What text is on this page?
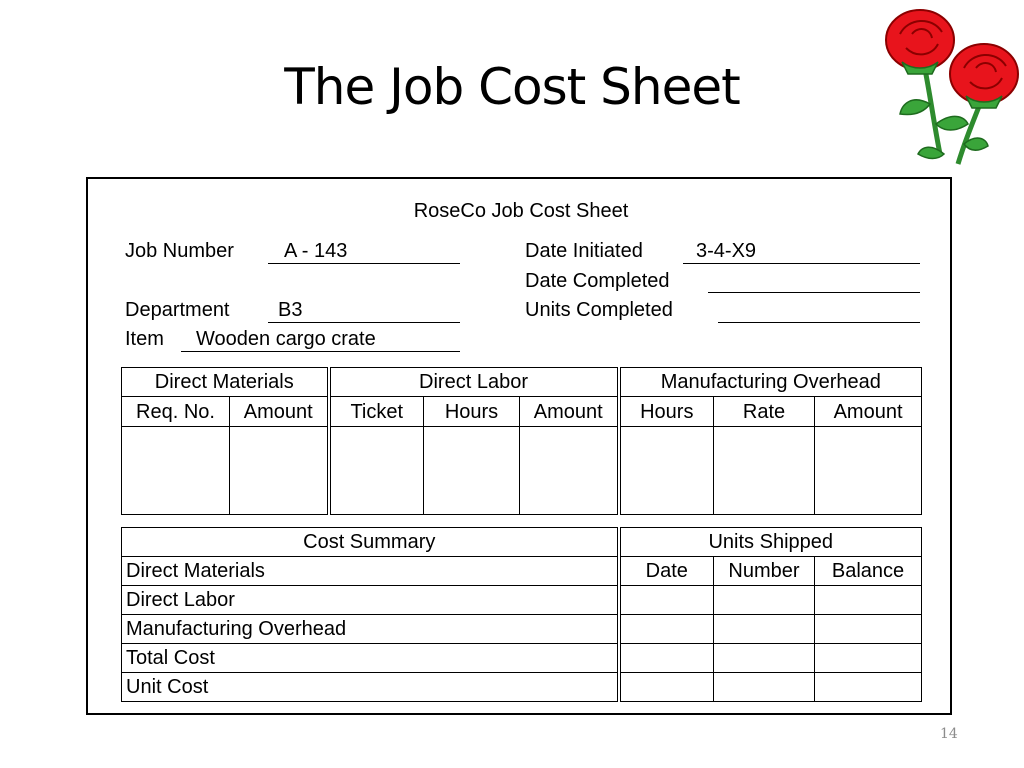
The Job Cost Sheet
RoseCo Job Cost Sheet
Job Number	A - 143
Department B3
Item Wooden cargo crate
Date Initiated	3-4-X9
Date Completed
Units Completed
Direct Materials		Direct Labor			Manufacturing Overhead		
Req. No.	Amount	Ticket	Hours	Amount	Hours	Rate	Amount

Cost Summary	Units Shipped		
Direct Materials	Date	Number	Balance
Direct Labor			
Manufacturing Overhead			
Total Cost			
Unit Cost			
14
